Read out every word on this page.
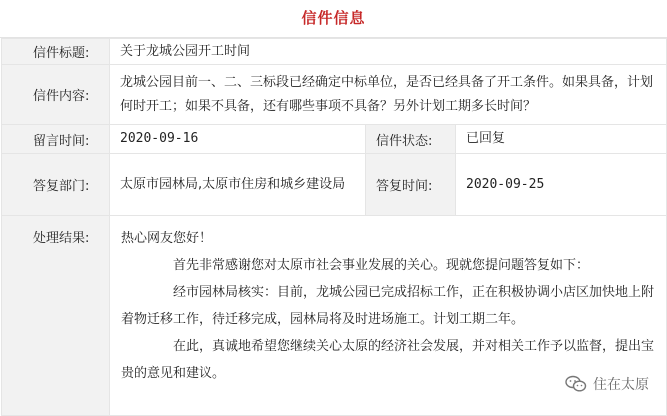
信件信息
信件标题:	关于龙城公园开工时间		
信件内容:	龙城公园目前一、二、三标段已经确定中标单位，是否已经具备了开工条件。如果具备，计划何时开工；如果不具备，还有哪些事项不具备？另外计划工期多长时间？		
留言时间:	2020-09-16	信件状态:	已回复
答复部门:	太原市园林局,太原市住房和城乡建设局	答复时间:	2020-09-25

处理结果:	热心网友您好！

首先非常感谢您对太原市社会事业发展的关心。现就您提问题答复如下：

经市园林局核实：目前，龙城公园已完成招标工作，正在积极协调小店区加快地上附着物迁移工作，待迁移完成，园林局将及时进场施工。计划工期二年。

在此，真诚地希望您继续关心太原的经济社会发展，并对相关工作予以监督，提出宝贵的意见和建议。		

住在太原
